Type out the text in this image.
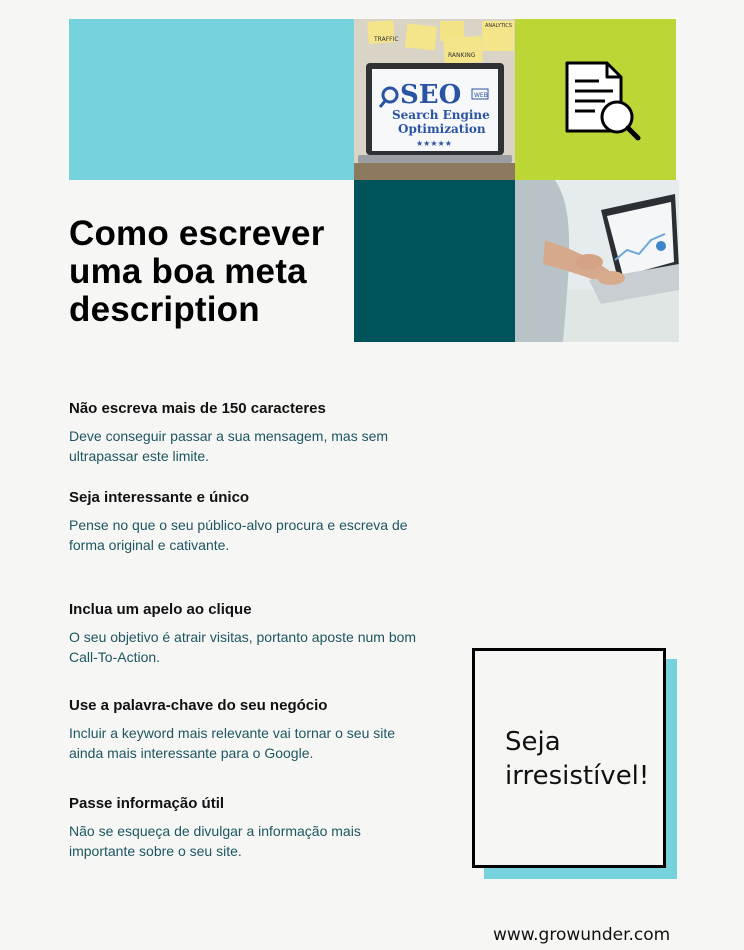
TRAFFIC
RANKING
ANALYTICS
SEO WEB
Search Engine
Optimization
★★★★★
Como escrever uma boa meta description
Não escreva mais de 150 caracteres

Deve conseguir passar a sua mensagem, mas sem ultrapassar este limite.

Seja interessante e único

Pense no que o seu público-alvo procura e escreva de forma original e cativante.

Inclua um apelo ao clique

O seu objetivo é atrair visitas, portanto aposte num bom Call-To-Action.

Use a palavra-chave do seu negócio

Incluir a keyword mais relevante vai tornar o seu site ainda mais interessante para o Google.

Passe informação útil

Não se esqueça de divulgar a informação mais importante sobre o seu site.

Seja
irresistível!
www.growunder.com
